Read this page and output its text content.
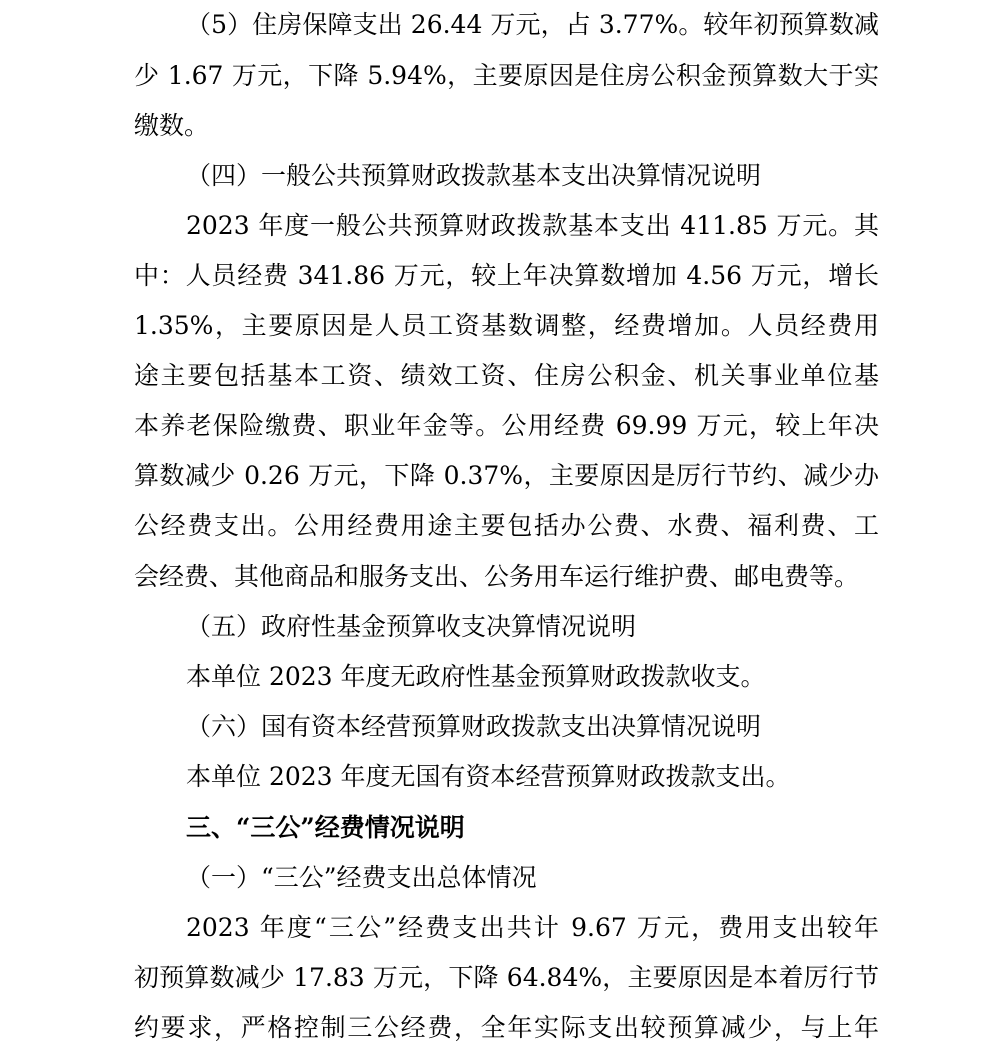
（5）住房保障支出 26.44 万元，占 3.77%。较年初预算数减
少 1.67 万元，下降 5.94%，主要原因是住房公积金预算数大于实
缴数。
（四）一般公共预算财政拨款基本支出决算情况说明
2023 年度一般公共预算财政拨款基本支出 411.85 万元。其
中：人员经费 341.86 万元，较上年决算数增加 4.56 万元，增长
1.35%，主要原因是人员工资基数调整，经费增加。人员经费用
途主要包括基本工资、绩效工资、住房公积金、机关事业单位基
本养老保险缴费、职业年金等。公用经费 69.99 万元，较上年决
算数减少 0.26 万元，下降 0.37%，主要原因是厉行节约、减少办
公经费支出。公用经费用途主要包括办公费、水费、福利费、工
会经费、其他商品和服务支出、公务用车运行维护费、邮电费等。
（五）政府性基金预算收支决算情况说明
本单位 2023 年度无政府性基金预算财政拨款收支。
（六）国有资本经营预算财政拨款支出决算情况说明
本单位 2023 年度无国有资本经营预算财政拨款支出。
三、“三公”经费情况说明
（一）“三公”经费支出总体情况
2023 年度“三公”经费支出共计 9.67 万元，费用支出较年
初预算数减少 17.83 万元，下降 64.84%，主要原因是本着厉行节
约要求，严格控制三公经费，全年实际支出较预算减少，与上年
